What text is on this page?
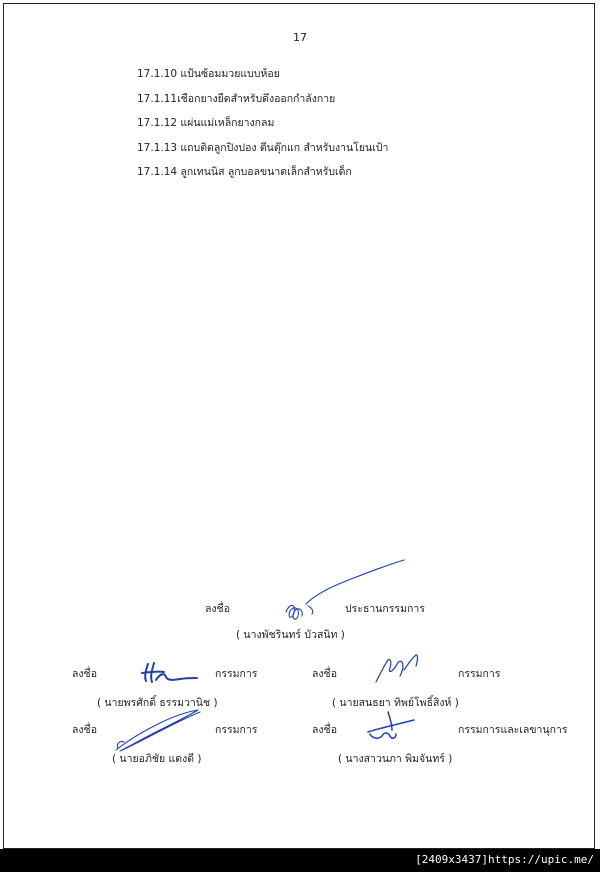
17
17.1.10 แป้นซ้อมมวยแบบห้อย
17.1.11เชือกยางยืดสำหรับดึงออกกำลังกาย
17.1.12 แผ่นแม่เหล็กยางกลม
17.1.13 แถบติดลูกปิงปอง ตีนตุ๊กแก สำหรับงานโยนเป้า
17.1.14 ลูกเทนนิส ลูกบอลขนาดเล็กสำหรับเด็ก
ลงชื่อ	ประธานกรรมการ
( นางพัชรินทร์ บัวสนิท )
ลงชื่อ	กรรมการ
( นายพรศักดิ์ ธรรมวานิช )
ลงชื่อ	กรรมการ
( นายสนธยา ทิพย์โพธิ์สิงห์ )
ลงชื่อ	กรรมการ
( นายอภิชัย แดงดี )
ลงชื่อ	กรรมการและเลขานุการ
( นางสาวนภา พิมจันทร์ )
[2409x3437]https://upic.me/
